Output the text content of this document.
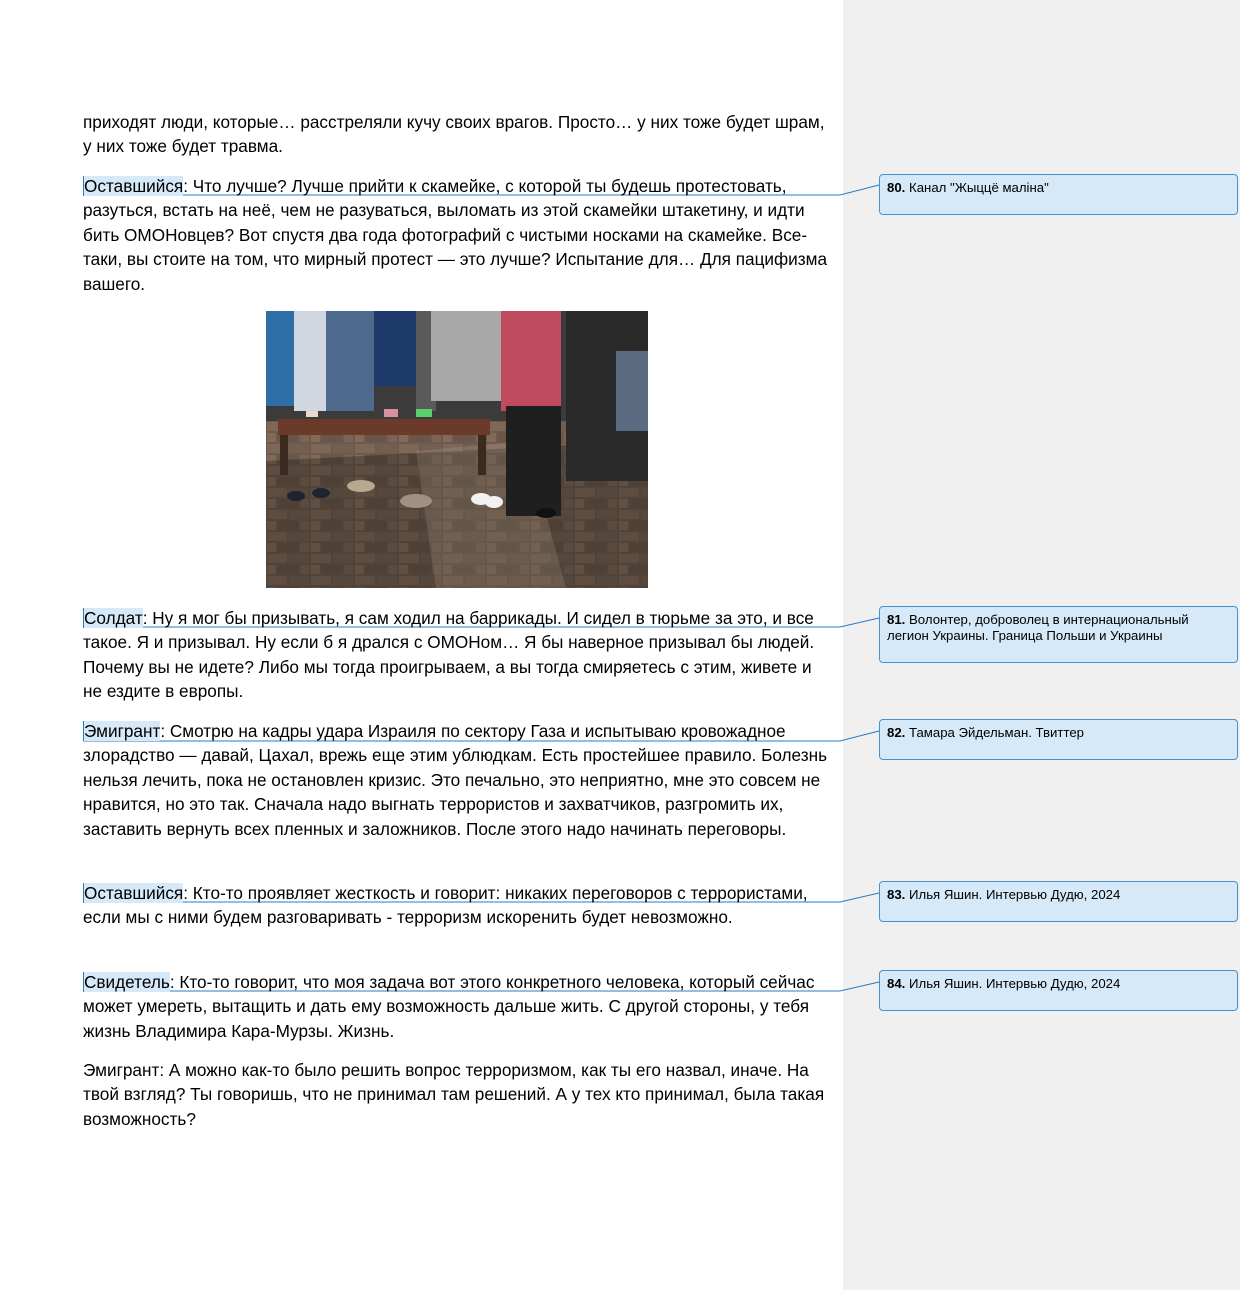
приходят люди, которые… расстреляли кучу своих врагов. Просто… у них тоже будет шрам, у них тоже будет травма.

Оставшийся: Что лучше? Лучше прийти к скамейке, с которой ты будешь протестовать, разуться, встать на неё, чем не разуваться, выломать из этой скамейки штакетину, и идти бить ОМОНовцев? Вот спустя два года фотографий с чистыми носками на скамейке. Все-таки, вы стоите на том, что мирный протест — это лучше? Испытание для… Для пацифизма вашего.

Солдат: Ну я мог бы призывать, я сам ходил на баррикады. И сидел в тюрьме за это, и все такое. Я и призывал. Ну если б я дрался с ОМОНом… Я бы наверное призывал бы людей. Почему вы не идете? Либо мы тогда проигрываем, а вы тогда смиряетесь с этим, живете и не ездите в европы.

Эмигрант: Смотрю на кадры удара Израиля по сектору Газа и испытываю кровожадное злорадство — давай, Цахал, врежь еще этим ублюдкам. Есть простейшее правило. Болезнь нельзя лечить, пока не остановлен кризис. Это печально, это неприятно, мне это совсем не нравится, но это так. Сначала надо выгнать террористов и захватчиков, разгромить их, заставить вернуть всех пленных и заложников. После этого надо начинать переговоры.

Оставшийся: Кто-то проявляет жесткость и говорит: никаких переговоров с террористами, если мы с ними будем разговаривать - терроризм искоренить будет невозможно.

Свидетель: Кто-то говорит, что моя задача вот этого конкретного человека, который сейчас может умереть, вытащить и дать ему возможность дальше жить. С другой стороны, у тебя жизнь Владимира Кара-Мурзы. Жизнь.

Эмигрант: А можно как-то было решить вопрос терроризмом, как ты его назвал, иначе. На твой взгляд? Ты говоришь, что не принимал там решений. А у тех кто принимал, была такая возможность?

80. Канал "Жыццё маліна"
81. Волонтер, доброволец в интернациональный легион Украины. Граница Польши и Украины
82. Тамара Эйдельман. Твиттер
83. Илья Яшин. Интервью Дудю, 2024
84. Илья Яшин. Интервью Дудю, 2024
